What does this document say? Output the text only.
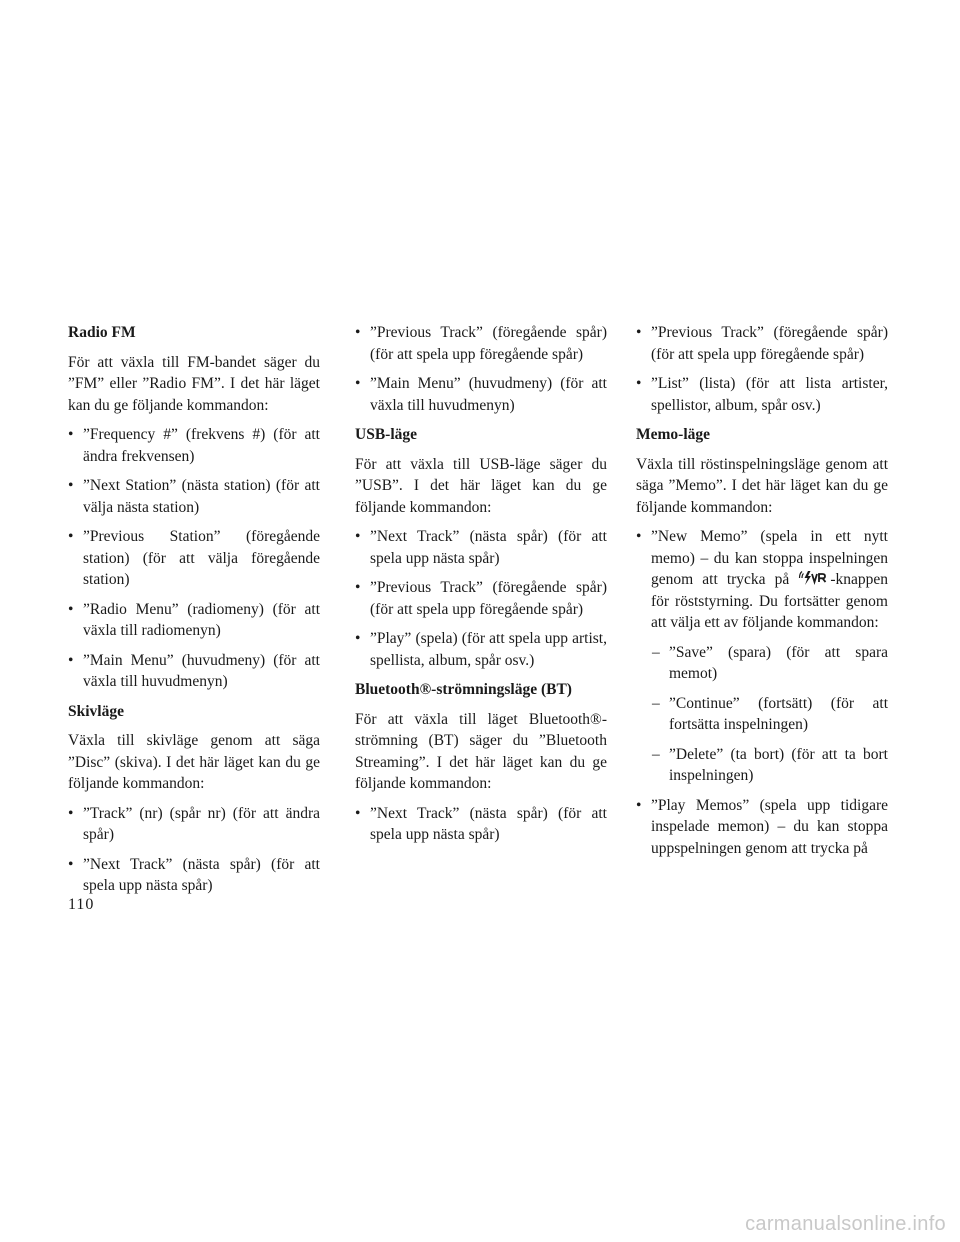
Radio FM

För att växla till FM-bandet säger du ”FM” eller ”Radio FM”. I det här läget kan du ge följande kommandon:

• ”Frequency #” (frekvens #) (för att ändra frekvensen)
• ”Next Station” (nästa station) (för att välja nästa station)
• ”Previous Station” (föregående station) (för att välja föregående station)
• ”Radio Menu” (radiomeny) (för att växla till radiomenyn)
• ”Main Menu” (huvudmeny) (för att växla till huvudmenyn)
Skivläge

Växla till skivläge genom att säga ”Disc” (skiva). I det här läget kan du ge följande kommandon:

• ”Track” (nr) (spår nr) (för att ändra spår)
• ”Next Track” (nästa spår) (för att spela upp nästa spår)
• ”Previous Track” (föregående spår) (för att spela upp föregående spår)
• ”Main Menu” (huvudmeny) (för att växla till huvudmenyn)
USB-läge

För att växla till USB-läge säger du ”USB”. I det här läget kan du ge följande kommandon:

• ”Next Track” (nästa spår) (för att spela upp nästa spår)
• ”Previous Track” (föregående spår) (för att spela upp föregående spår)
• ”Play” (spela) (för att spela upp artist, spellista, album, spår osv.)
Bluetooth®-strömningsläge (BT)

För att växla till läget Bluetooth®-strömning (BT) säger du ”Bluetooth Streaming”. I det här läget kan du ge följande kommandon:

• ”Next Track” (nästa spår) (för att spela upp nästa spår)
• ”Previous Track” (föregående spår) (för att spela upp föregående spår)
• ”List” (lista) (för att lista artister, spellistor, album, spår osv.)
Memo-läge

Växla till röstinspelningsläge genom att säga ”Memo”. I det här läget kan du ge följande kommandon:

• ”New Memo” (spela in ett nytt memo) – du kan stoppa inspelningen genom att trycka på	-knappen för röststyrning. Du fortsätter genom att välja ett av följande kommandon:
– ”Save” (spara) (för att spara memot)
– ”Continue” (fortsätt) (för att fortsätta inspelningen)
– ”Delete” (ta bort) (för att ta bort inspelningen)
• ”Play Memos” (spela upp tidigare inspelade memon) – du kan stoppa uppspelningen genom att trycka på
110
carmanualsonline.info
